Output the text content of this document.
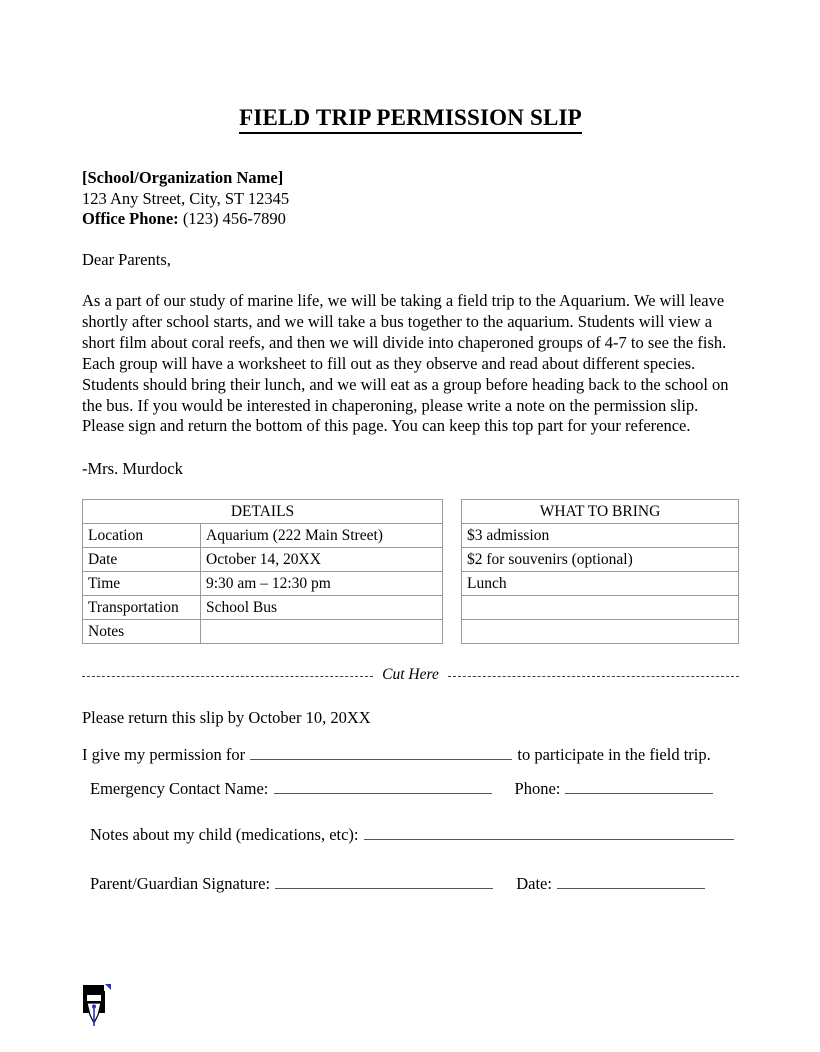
FIELD TRIP PERMISSION SLIP
[School/Organization Name]
123 Any Street, City, ST 12345
Office Phone: (123) 456-7890
Dear Parents,
As a part of our study of marine life, we will be taking a field trip to the Aquarium. We will leave shortly after school starts, and we will take a bus together to the aquarium. Students will view a short film about coral reefs, and then we will divide into chaperoned groups of 4-7 to see the fish. Each group will have a worksheet to fill out as they observe and read about different species. Students should bring their lunch, and we will eat as a group before heading back to the school on the bus. If you would be interested in chaperoning, please write a note on the permission slip. Please sign and return the bottom of this page. You can keep this top part for your reference.
-Mrs. Murdock
DETAILS	
Location	Aquarium (222 Main Street)
Date	October 14, 20XX
Time	9:30 am – 12:30 pm
Transportation	School Bus
Notes	
WHAT TO BRING
$3 admission
$2 for souvenirs (optional)
Lunch

Cut Here
Please return this slip by October 10, 20XX
I give my permission for	to participate in the field trip.
Emergency Contact Name:	Phone:
Notes about my child (medications, etc):
Parent/Guardian Signature:	Date:
